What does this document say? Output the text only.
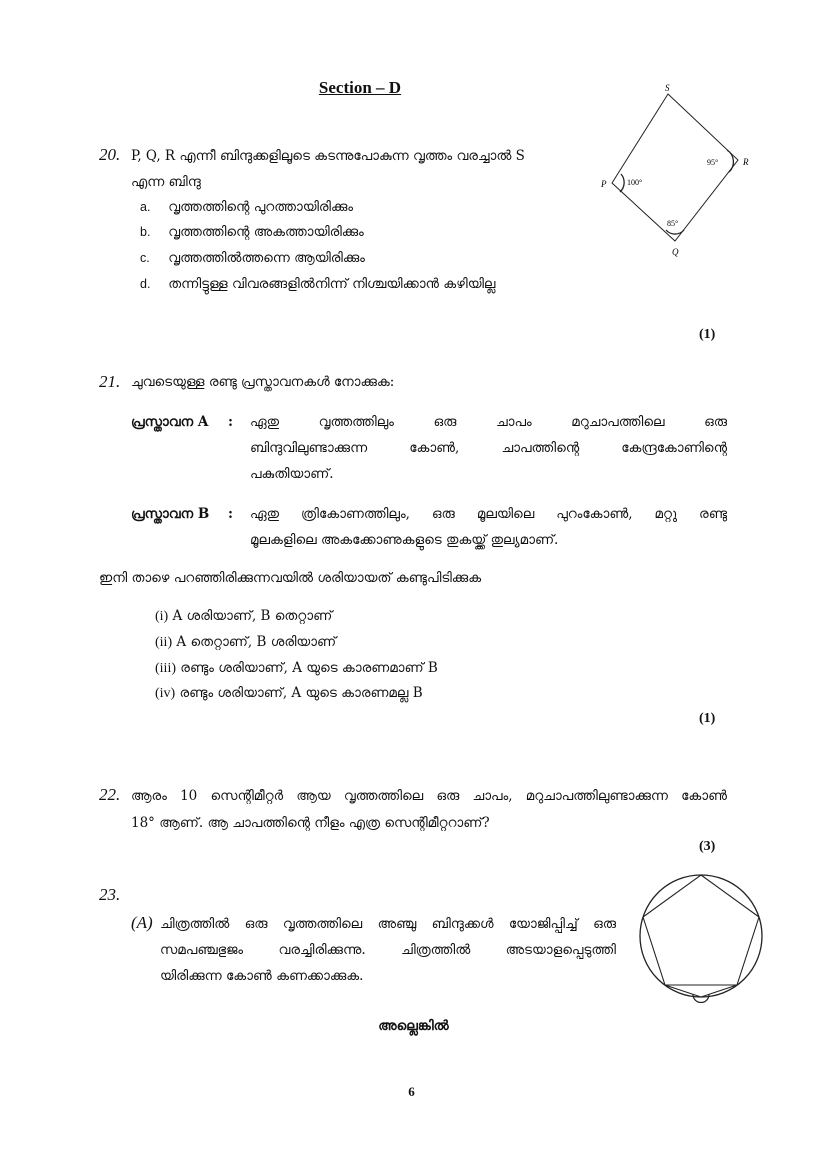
Section – D
20. P, Q, R എന്നീ ബിന്ദുക്കളിലൂടെ കടന്നുപോകുന്ന വൃത്തം വരച്ചാൽ S
എന്ന ബിന്ദു
a. വൃത്തത്തിന്റെ പുറത്തായിരിക്കും
b. വൃത്തത്തിന്റെ അകത്തായിരിക്കും
c. വൃത്തത്തിൽത്തന്നെ ആയിരിക്കും
d. തന്നിട്ടുള്ള വിവരങ്ങളിൽനിന്ന് നിശ്ചയിക്കാൻ കഴിയില്ല
(1)
S
R
P
Q
95°
100°
85°
21. ചുവടെയുള്ള രണ്ടു പ്രസ്താവനകൾ നോക്കുക:
പ്രസ്താവന A : ഏതു വൃത്തത്തിലും ഒരു ചാപം മറുചാപത്തിലെ ഒരു
ബിന്ദുവിലുണ്ടാക്കുന്ന കോൺ, ചാപത്തിന്റെ കേന്ദ്രകോണിന്റെ
പകുതിയാണ്.
പ്രസ്താവന B : ഏതു ത്രികോണത്തിലും, ഒരു മൂലയിലെ പുറംകോൺ, മറ്റു രണ്ടു
മൂലകളിലെ അകക്കോണുകളുടെ തുകയ്ക്ക് തുല്യമാണ്.
ഇനി താഴെ പറഞ്ഞിരിക്കുന്നവയിൽ ശരിയായത് കണ്ടുപിടിക്കുക
(i) A ശരിയാണ്, B തെറ്റാണ്
(ii) A തെറ്റാണ്, B ശരിയാണ്
(iii) രണ്ടും ശരിയാണ്, A യുടെ കാരണമാണ് B
(iv) രണ്ടും ശരിയാണ്, A യുടെ കാരണമല്ല B
(1)
22. ആരം 10 സെന്റിമീറ്റർ ആയ വൃത്തത്തിലെ ഒരു ചാപം, മറുചാപത്തിലുണ്ടാക്കുന്ന കോൺ
18° ആണ്. ആ ചാപത്തിന്റെ നീളം എത്ര സെന്റിമീറ്ററാണ്?
(3)
23.
(A) ചിത്രത്തിൽ ഒരു വൃത്തത്തിലെ അഞ്ചു ബിന്ദുക്കൾ യോജിപ്പിച്ച് ഒരു
സമപഞ്ചഭുജം വരച്ചിരിക്കുന്നു. ചിത്രത്തിൽ അടയാളപ്പെടുത്തി
യിരിക്കുന്ന കോൺ കണക്കാക്കുക.
അല്ലെങ്കിൽ
6
